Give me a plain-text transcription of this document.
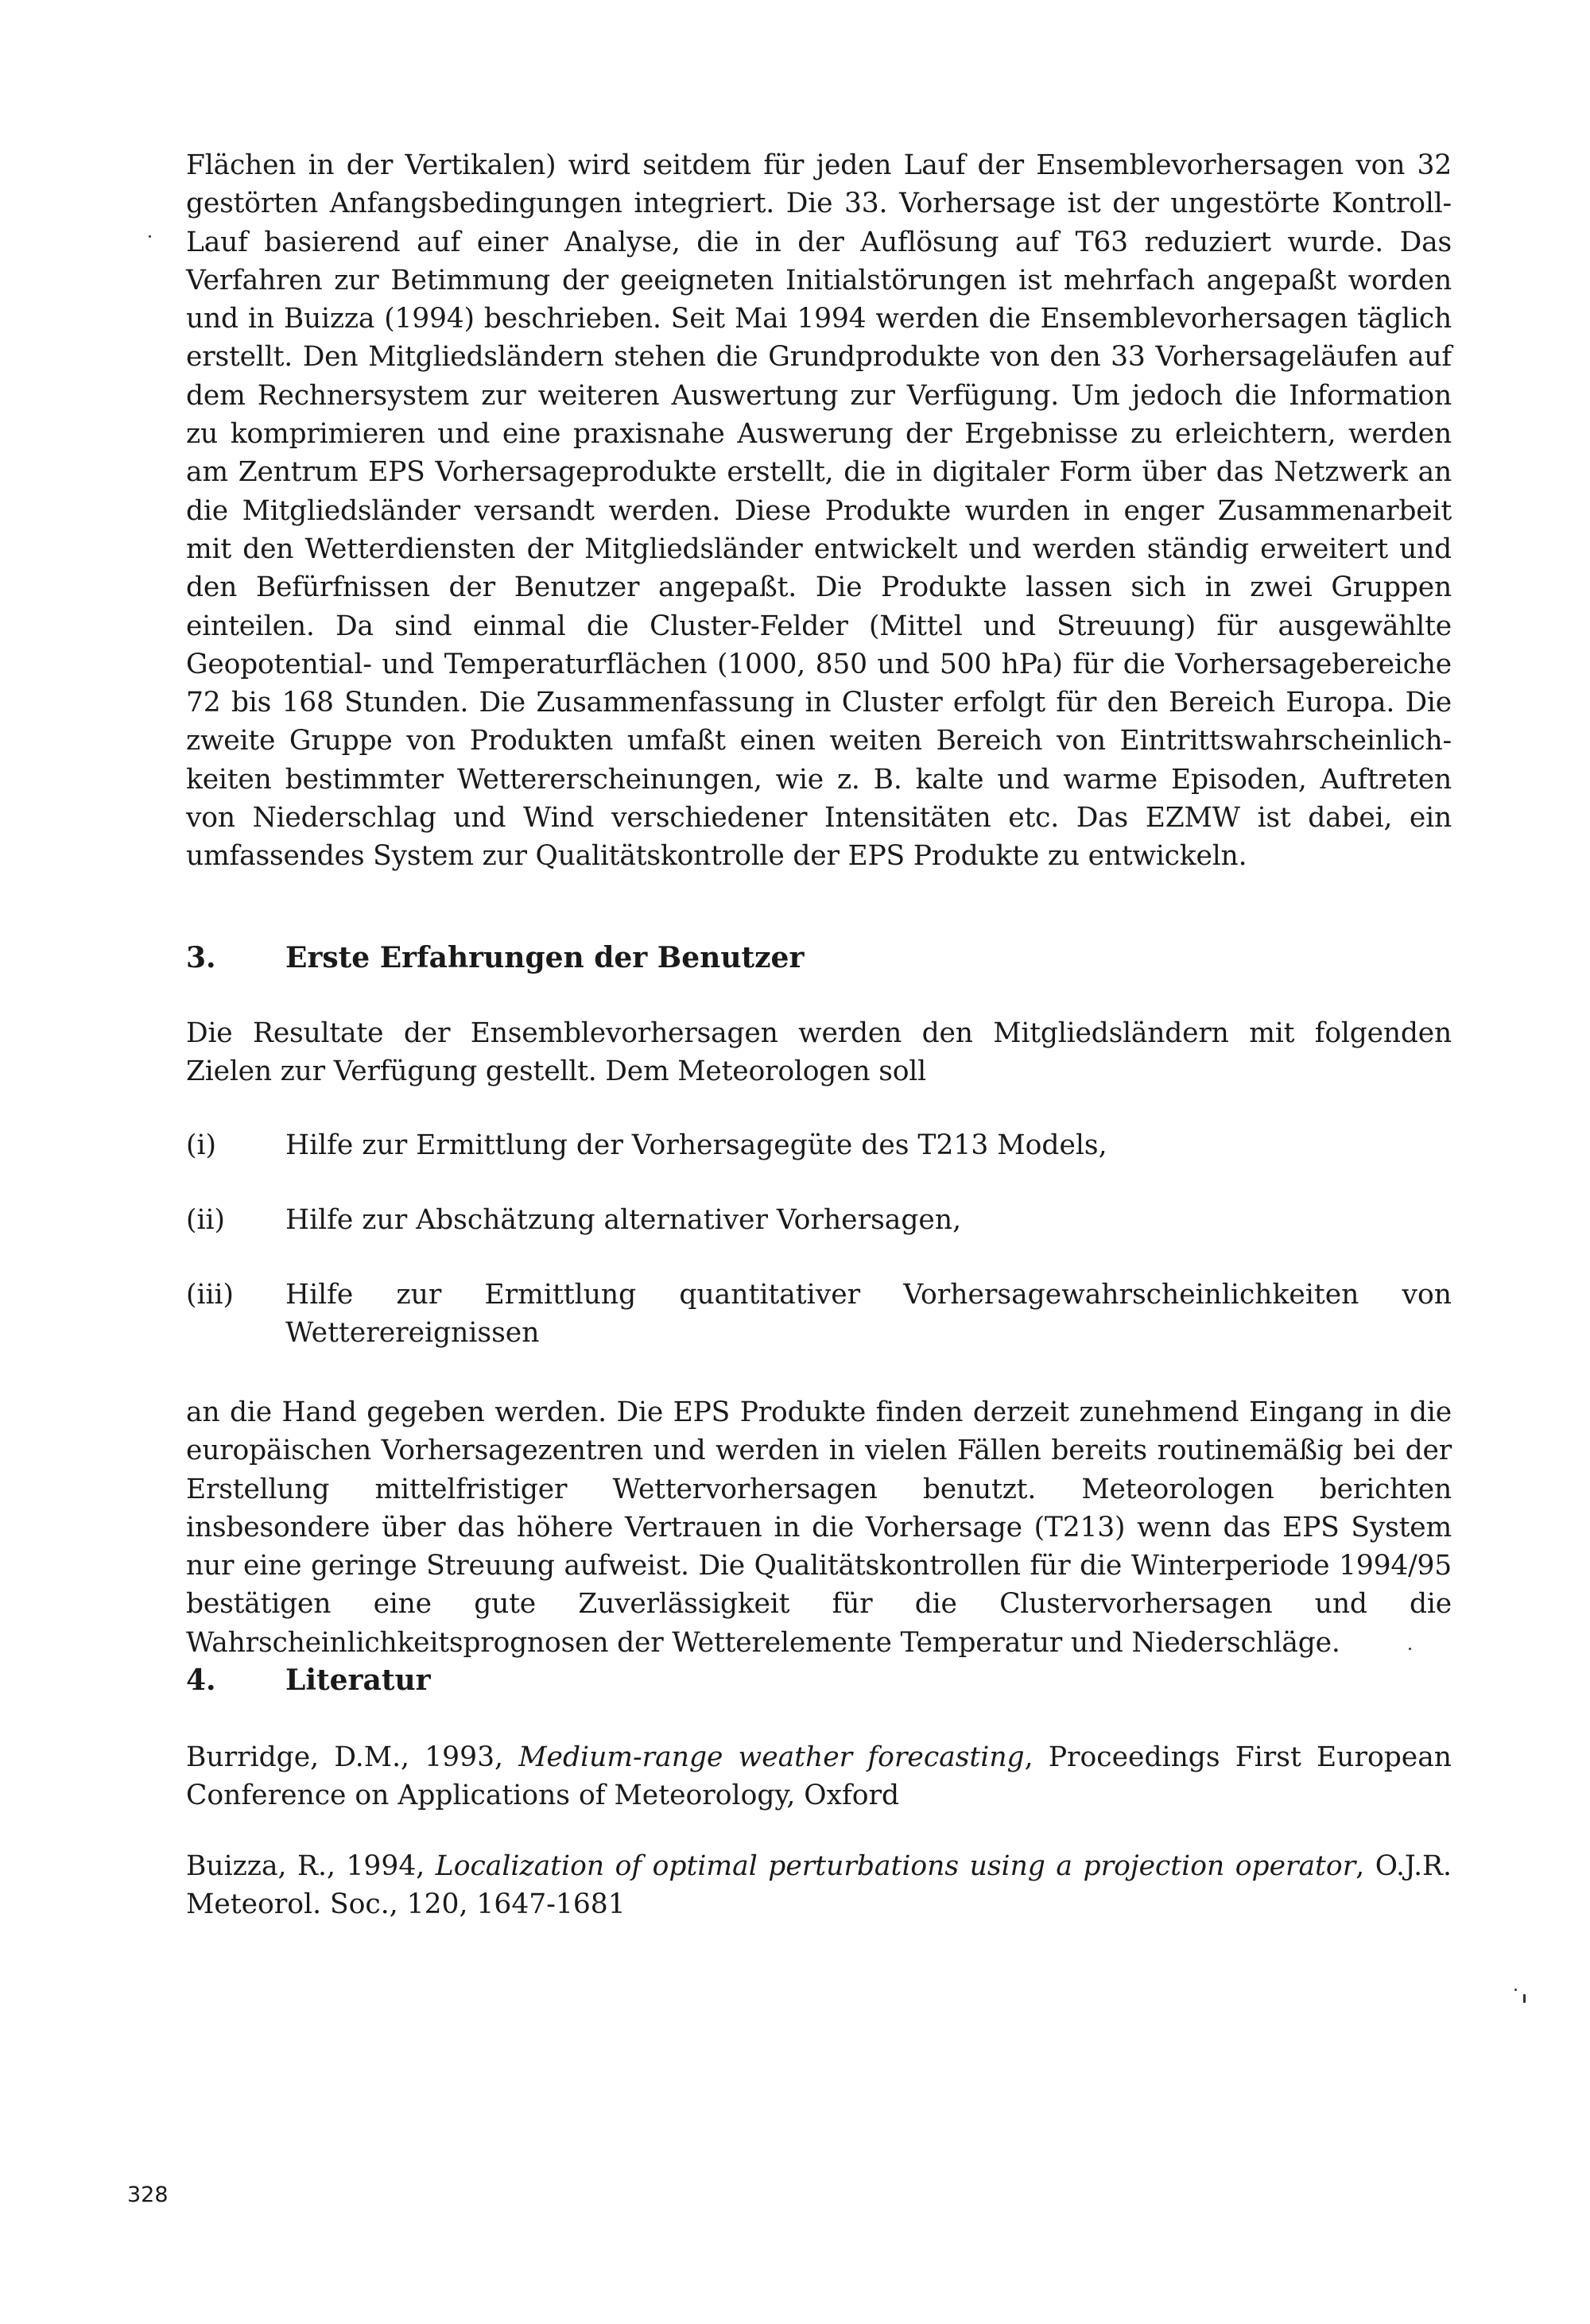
Flächen in der Vertikalen) wird seitdem für jeden Lauf der Ensemblevorhersagen von 32 gestörten Anfangsbedingungen integriert. Die 33. Vorhersage ist der ungestörte Kontroll-Lauf basierend auf einer Analyse, die in der Auflösung auf T63 reduziert wurde. Das Verfahren zur Betimmung der geeigneten Initialstörungen ist mehrfach angepaßt worden und in Buizza (1994) beschrieben. Seit Mai 1994 werden die Ensemblevorhersagen täglich erstellt. Den Mitgliedsländern stehen die Grundprodukte von den 33 Vorhersageläufen auf dem Rechnersystem zur weiteren Auswertung zur Verfügung. Um jedoch die Information zu komprimieren und eine praxisnahe Auswerung der Ergebnisse zu erleichtern, werden am Zentrum EPS Vorhersageprodukte erstellt, die in digitaler Form über das Netzwerk an die Mitgliedsländer versandt werden. Diese Produkte wurden in enger Zusammenarbeit mit den Wetterdiensten der Mitgliedsländer entwickelt und werden ständig erweitert und den Befürfnissen der Benutzer angepaßt. Die Produkte lassen sich in zwei Gruppen einteilen. Da sind einmal die Cluster-Felder (Mittel und Streuung) für ausgewählte Geopotential- und Temperaturflächen (1000, 850 und 500 hPa) für die Vorhersagebereiche 72 bis 168 Stunden. Die Zusammenfassung in Cluster erfolgt für den Bereich Europa. Die zweite Gruppe von Produkten umfaßt einen weiten Bereich von Eintrittswahrscheinlich-keiten bestimmter Wettererscheinungen, wie z. B. kalte und warme Episoden, Auftreten von Niederschlag und Wind verschiedener Intensitäten etc. Das EZMW ist dabei, ein umfassendes System zur Qualitätskontrolle der EPS Produkte zu entwickeln.

3. Erste Erfahrungen der Benutzer

Die Resultate der Ensemblevorhersagen werden den Mitgliedsländern mit folgenden Zielen zur Verfügung gestellt. Dem Meteorologen soll

(i)	Hilfe zur Ermittlung der Vorhersagegüte des T213 Models,
(ii) Hilfe zur Abschätzung alternativer Vorhersagen,
(iii) Hilfe zur Ermittlung quantitativer Vorhersagewahrscheinlichkeiten von Wetterereignissen

an die Hand gegeben werden. Die EPS Produkte finden derzeit zunehmend Eingang in die europäischen Vorhersagezentren und werden in vielen Fällen bereits routinemäßig bei der Erstellung mittelfristiger Wettervorhersagen benutzt. Meteorologen berichten insbesondere über das höhere Vertrauen in die Vorhersage (T213) wenn das EPS System nur eine geringe Streuung aufweist. Die Qualitätskontrollen für die Winterperiode 1994/95 bestätigen eine gute Zuverlässigkeit für die Clustervorhersagen und die Wahrscheinlichkeitsprognosen der Wetterelemente Temperatur und Niederschläge.

4. Literatur

Burridge, D.M., 1993, Medium-range weather forecasting, Proceedings First European Conference on Applications of Meteorology, Oxford

Buizza, R., 1994, Localization of optimal perturbations using a projection operator, O.J.R. Meteorol. Soc., 120, 1647-1681

328
